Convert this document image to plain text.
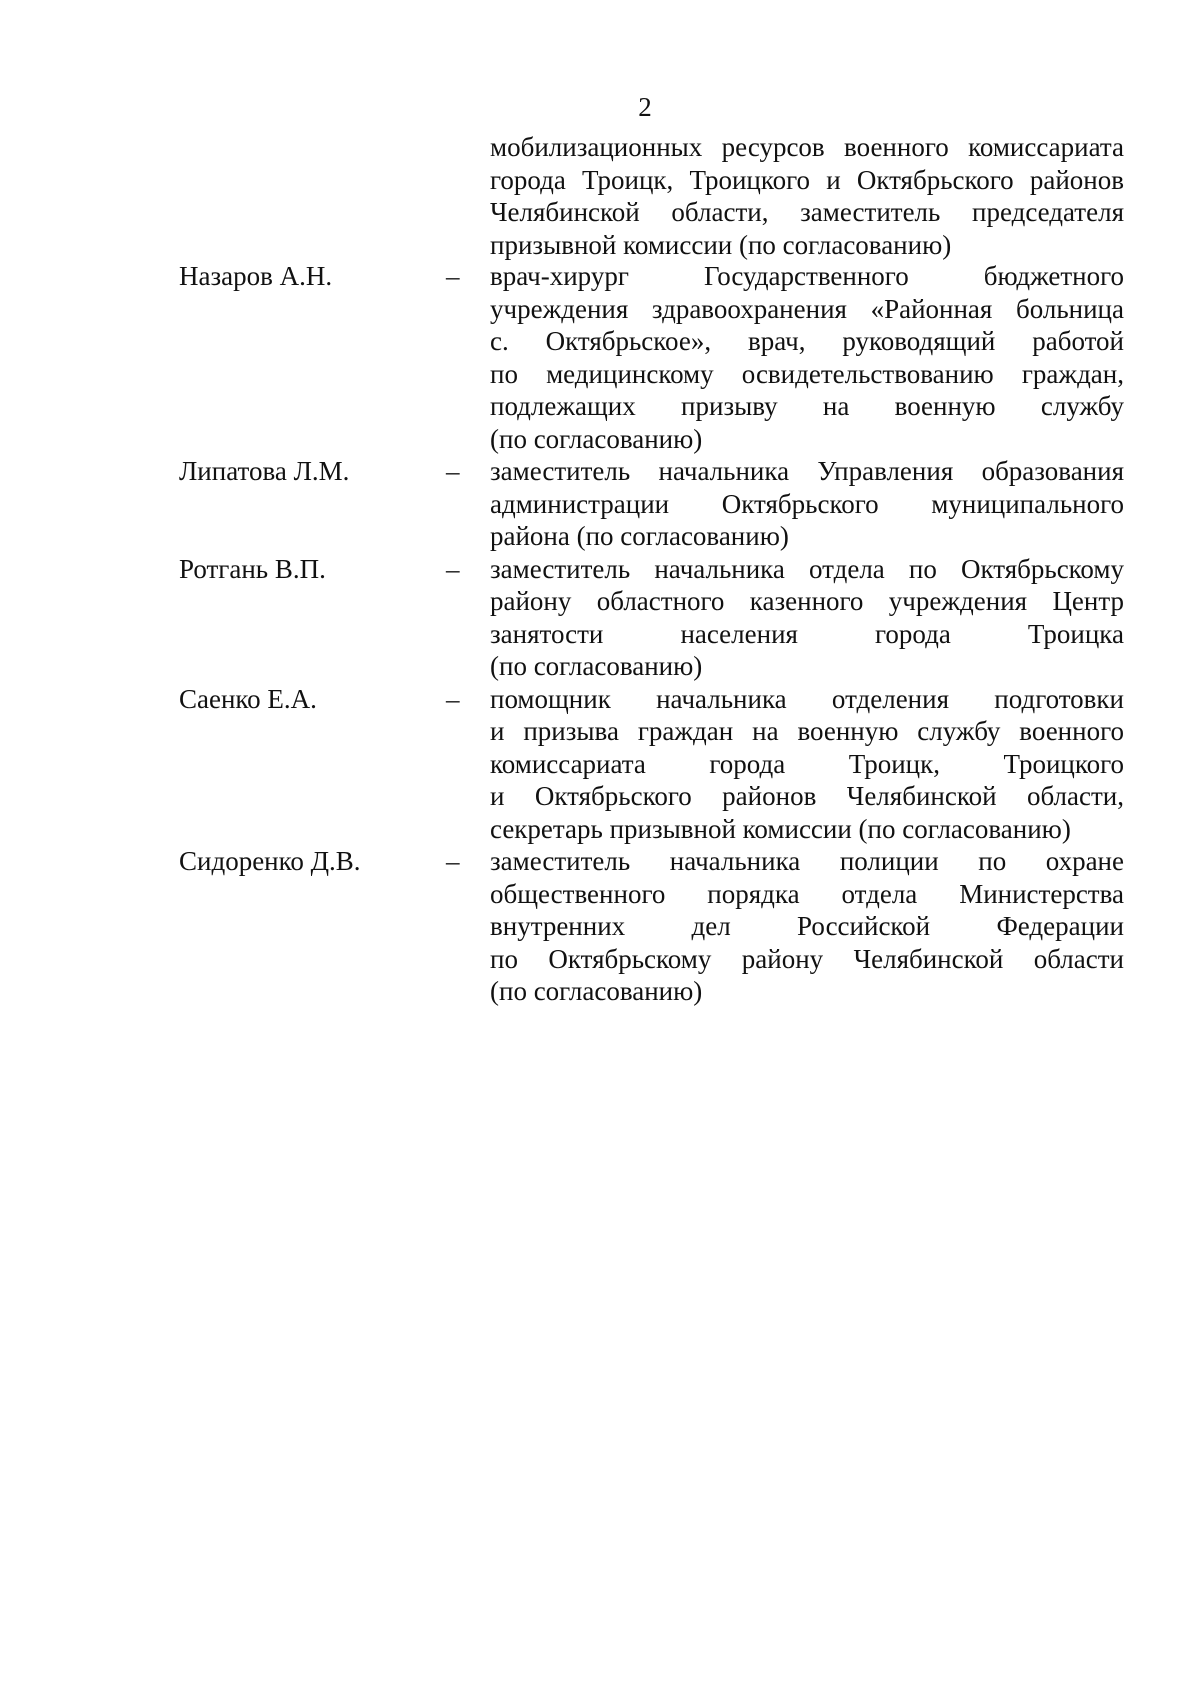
2
мобилизационных ресурсов военного комиссариата
города Троицк, Троицкого и Октябрьского районов
Челябинской области, заместитель председателя
призывной комиссии (по согласованию)
Назаров А.Н.	– врач-хирург Государственного бюджетного
учреждения здравоохранения «Районная больница
с. Октябрьское», врач, руководящий работой
по медицинскому освидетельствованию граждан,
подлежащих призыву на военную службу
(по согласованию)
Липатова Л.М.	– заместитель начальника Управления образования
администрации Октябрьского муниципального
района (по согласованию)
Ротгань В.П.	– заместитель начальника отдела по Октябрьскому
району областного казенного учреждения Центр
занятости населения города Троицка
(по согласованию)
Саенко Е.А.	– помощник начальника отделения подготовки
и призыва граждан на военную службу военного
комиссариата города Троицк, Троицкого
и Октябрьского районов Челябинской области,
секретарь призывной комиссии (по согласованию)
Сидоренко Д.В.	– заместитель начальника полиции по охране
общественного порядка отдела Министерства
внутренних дел Российской Федерации
по Октябрьскому району Челябинской области
(по согласованию)
